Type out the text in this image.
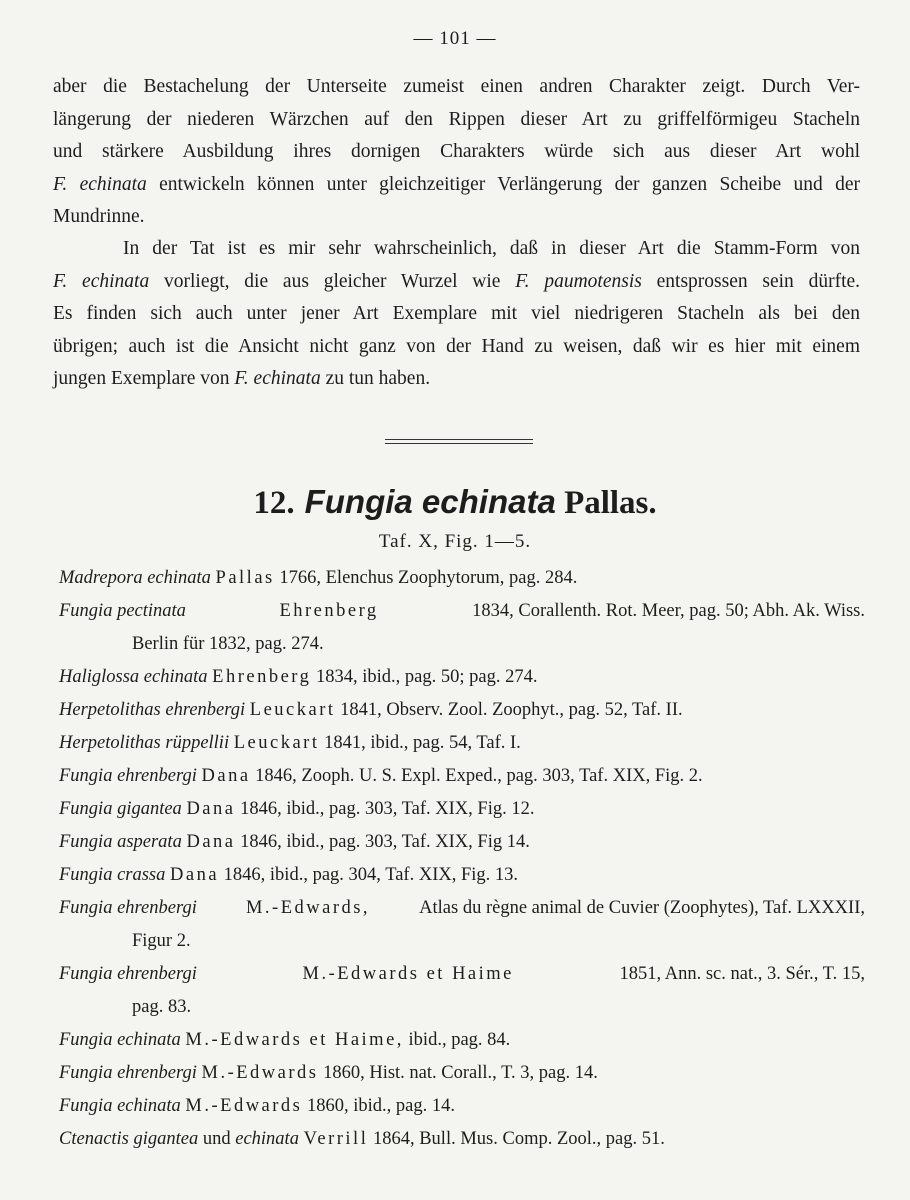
— 101 —
aber die Bestachelung der Unterseite zumeist einen andren Charakter zeigt. Durch Ver-
längerung der niederen Wärzchen auf den Rippen dieser Art zu griffelförmigeu Stacheln
und stärkere Ausbildung ihres dornigen Charakters würde sich aus dieser Art wohl
F. echinata entwickeln können unter gleichzeitiger Verlängerung der ganzen Scheibe und der
Mundrinne.
In der Tat ist es mir sehr wahrscheinlich, daß in dieser Art die Stamm-Form von
F. echinata vorliegt, die aus gleicher Wurzel wie F. paumotensis entsprossen sein dürfte.
Es finden sich auch unter jener Art Exemplare mit viel niedrigeren Stacheln als bei den
übrigen; auch ist die Ansicht nicht ganz von der Hand zu weisen, daß wir es hier mit einem
jungen Exemplare von F. echinata zu tun haben.
12. Fungia echinata Pallas.
Taf. X, Fig. 1—5.
Madrepora echinata Pallas 1766, Elenchus Zoophytorum, pag. 284.
Fungia pectinata	Ehrenberg	1834, Corallenth. Rot. Meer, pag. 50; Abh. Ak. Wiss.
Berlin für 1832, pag. 274.
Haliglossa echinata Ehrenberg 1834, ibid., pag. 50; pag. 274.
Herpetolithas ehrenbergi Leuckart 1841, Observ. Zool. Zoophyt., pag. 52, Taf. II.
Herpetolithas rüppellii Leuckart 1841, ibid., pag. 54, Taf. I.
Fungia ehrenbergi Dana 1846, Zooph. U. S. Expl. Exped., pag. 303, Taf. XIX, Fig. 2.
Fungia gigantea Dana 1846, ibid., pag. 303, Taf. XIX, Fig. 12.
Fungia asperata Dana 1846, ibid., pag. 303, Taf. XIX, Fig 14.
Fungia crassa Dana 1846, ibid., pag. 304, Taf. XIX, Fig. 13.
Fungia ehrenbergi	M.-Edwards,	Atlas du règne animal de Cuvier (Zoophytes), Taf. LXXXII,
Figur 2.
Fungia ehrenbergi	M.-Edwards et Haime	1851, Ann. sc. nat., 3. Sér., T. 15,
pag. 83.
Fungia echinata M.-Edwards et Haime, ibid., pag. 84.
Fungia ehrenbergi M.-Edwards 1860, Hist. nat. Corall., T. 3, pag. 14.
Fungia echinata M.-Edwards 1860, ibid., pag. 14.
Ctenactis gigantea und echinata Verrill 1864, Bull. Mus. Comp. Zool., pag. 51.
